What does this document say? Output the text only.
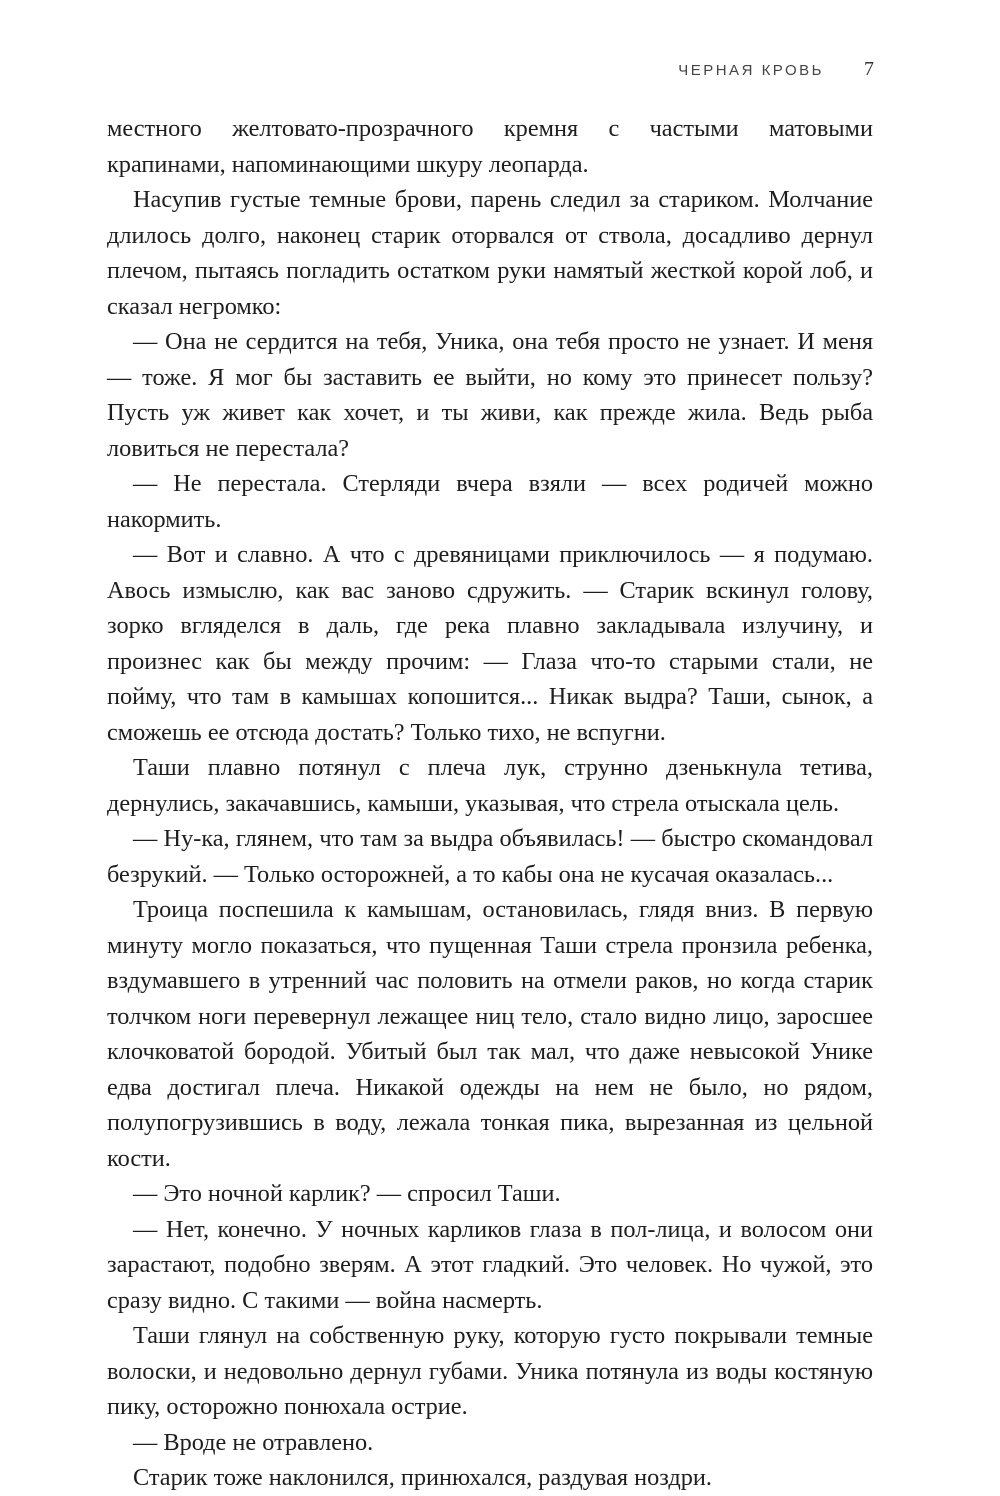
ЧЕРНАЯ КРОВЬ 7

местного желтовато-прозрачного кремня с частыми матовыми крапинами, напоминающими шкуру леопарда.

Насупив густые темные брови, парень следил за стариком. Молчание длилось долго, наконец старик оторвался от ствола, досадливо дернул плечом, пытаясь погладить остатком руки намятый жесткой корой лоб, и сказал негромко:

— Она не сердится на тебя, Уника, она тебя просто не узнает. И меня — тоже. Я мог бы заставить ее выйти, но кому это принесет пользу? Пусть уж живет как хочет, и ты живи, как прежде жила. Ведь рыба ловиться не перестала?

— Не перестала. Стерляди вчера взяли — всех родичей можно накормить.

— Вот и славно. А что с древяницами приключилось — я подумаю. Авось измыслю, как вас заново сдружить. — Старик вскинул голову, зорко вгляделся в даль, где река плавно закладывала излучину, и произнес как бы между прочим: — Глаза что-то старыми стали, не пойму, что там в камышах копошится... Никак выдра? Таши, сынок, а сможешь ее отсюда достать? Только тихо, не вспугни.

Таши плавно потянул с плеча лук, струнно дзенькнула тетива, дернулись, закачавшись, камыши, указывая, что стрела отыскала цель.

— Ну-ка, глянем, что там за выдра объявилась! — быстро скомандовал безрукий. — Только осторожней, а то кабы она не кусачая оказалась...

Троица поспешила к камышам, остановилась, глядя вниз. В первую минуту могло показаться, что пущенная Таши стрела пронзила ребенка, вздумавшего в утренний час половить на отмели раков, но когда старик толчком ноги перевернул лежащее ниц тело, стало видно лицо, заросшее клочковатой бородой. Убитый был так мал, что даже невысокой Унике едва достигал плеча. Никакой одежды на нем не было, но рядом, полупогрузившись в воду, лежала тонкая пика, вырезанная из цельной кости.

— Это ночной карлик? — спросил Таши.

— Нет, конечно. У ночных карликов глаза в пол-лица, и волосом они зарастают, подобно зверям. А этот гладкий. Это человек. Но чужой, это сразу видно. С такими — война насмерть.

Таши глянул на собственную руку, которую густо покрывали темные волоски, и недовольно дернул губами. Уника потянула из воды костяную пику, осторожно понюхала острие.

— Вроде не отравлено.

Старик тоже наклонился, принюхался, раздувая ноздри.
